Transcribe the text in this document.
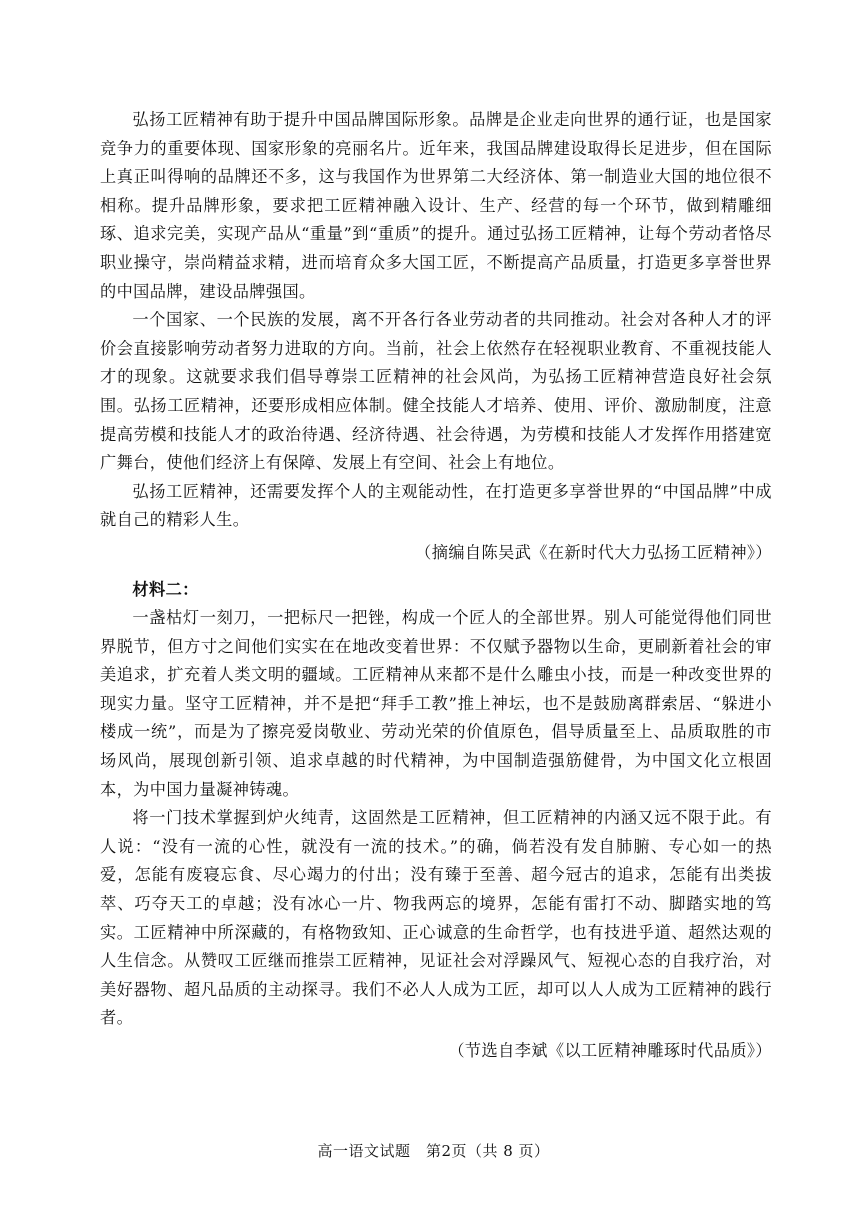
弘扬工匠精神有助于提升中国品牌国际形象。品牌是企业走向世界的通行证，也是国家竞争力的重要体现、国家形象的亮丽名片。近年来，我国品牌建设取得长足进步，但在国际上真正叫得响的品牌还不多，这与我国作为世界第二大经济体、第一制造业大国的地位很不相称。提升品牌形象，要求把工匠精神融入设计、生产、经营的每一个环节，做到精雕细琢、追求完美，实现产品从“重量”到“重质”的提升。通过弘扬工匠精神，让每个劳动者恪尽职业操守，崇尚精益求精，进而培育众多大国工匠，不断提高产品质量，打造更多享誉世界的中国品牌，建设品牌强国。

一个国家、一个民族的发展，离不开各行各业劳动者的共同推动。社会对各种人才的评价会直接影响劳动者努力进取的方向。当前，社会上依然存在轻视职业教育、不重视技能人才的现象。这就要求我们倡导尊崇工匠精神的社会风尚，为弘扬工匠精神营造良好社会氛围。弘扬工匠精神，还要形成相应体制。健全技能人才培养、使用、评价、激励制度，注意提高劳模和技能人才的政治待遇、经济待遇、社会待遇，为劳模和技能人才发挥作用搭建宽广舞台，使他们经济上有保障、发展上有空间、社会上有地位。

弘扬工匠精神，还需要发挥个人的主观能动性，在打造更多享誉世界的“中国品牌”中成就自己的精彩人生。

（摘编自陈吴武《在新时代大力弘扬工匠精神》）

材料二：

一盏枯灯一刻刀，一把标尺一把锉，构成一个匠人的全部世界。别人可能觉得他们同世界脱节，但方寸之间他们实实在在地改变着世界：不仅赋予器物以生命，更刷新着社会的审美追求，扩充着人类文明的疆域。工匠精神从来都不是什么雕虫小技，而是一种改变世界的现实力量。坚守工匠精神，并不是把“拜手工教”推上神坛，也不是鼓励离群索居、“躲进小楼成一统”，而是为了擦亮爱岗敬业、劳动光荣的价值原色，倡导质量至上、品质取胜的市场风尚，展现创新引领、追求卓越的时代精神，为中国制造强筋健骨，为中国文化立根固本，为中国力量凝神铸魂。

将一门技术掌握到炉火纯青，这固然是工匠精神，但工匠精神的内涵又远不限于此。有人说：“没有一流的心性，就没有一流的技术。”的确，倘若没有发自肺腑、专心如一的热爱，怎能有废寝忘食、尽心竭力的付出；没有臻于至善、超今冠古的追求，怎能有出类拔萃、巧夺天工的卓越；没有冰心一片、物我两忘的境界，怎能有雷打不动、脚踏实地的笃实。工匠精神中所深藏的，有格物致知、正心诚意的生命哲学，也有技进乎道、超然达观的人生信念。从赞叹工匠继而推崇工匠精神，见证社会对浮躁风气、短视心态的自我疗治，对美好器物、超凡品质的主动探寻。我们不必人人成为工匠，却可以人人成为工匠精神的践行者。

（节选自李斌《以工匠精神雕琢时代品质》）

高一语文试题　第2页（共 8 页）
